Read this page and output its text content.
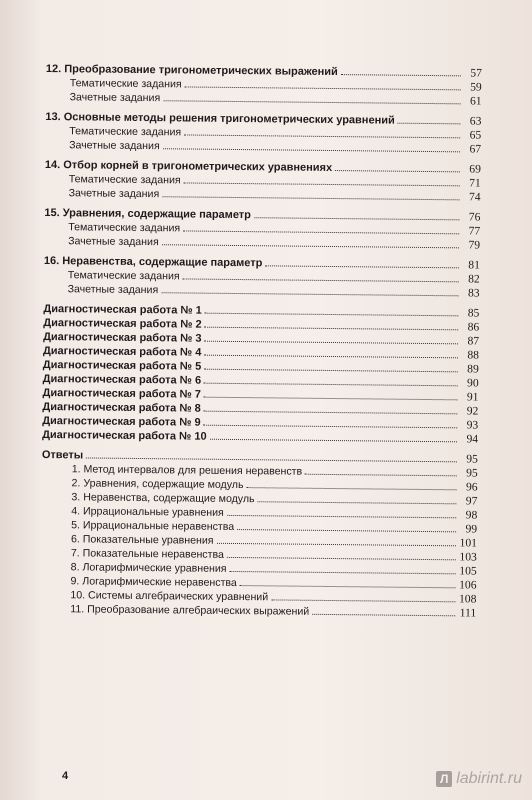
12. Преобразование тригонометрических выражений	57
Тематические задания	59
Зачетные задания	61
13. Основные методы решения тригонометрических уравнений	63
Тематические задания	65
Зачетные задания	67
14. Отбор корней в тригонометрических уравнениях	69
Тематические задания	71
Зачетные задания	74
15. Уравнения, содержащие параметр	76
Тематические задания	77
Зачетные задания	79
16. Неравенства, содержащие параметр	81
Тематические задания	82
Зачетные задания	83
Диагностическая работа № 1	85
Диагностическая работа № 2	86
Диагностическая работа № 3	87
Диагностическая работа № 4	88
Диагностическая работа № 5	89
Диагностическая работа № 6	90
Диагностическая работа № 7	91
Диагностическая работа № 8	92
Диагностическая работа № 9	93
Диагностическая работа № 10	94
Ответы	95
1. Метод интервалов для решения неравенств	95
2. Уравнения, содержащие модуль	96
3. Неравенства, содержащие модуль	97
4. Иррациональные уравнения	98
5. Иррациональные неравенства	99
6. Показательные уравнения	101
7. Показательные неравенства	103
8. Логарифмические уравнения	105
9. Логарифмические неравенства	106
10. Системы алгебраических уравнений	108
11. Преобразование алгебраических выражений	111
4	Л labirint.ru
